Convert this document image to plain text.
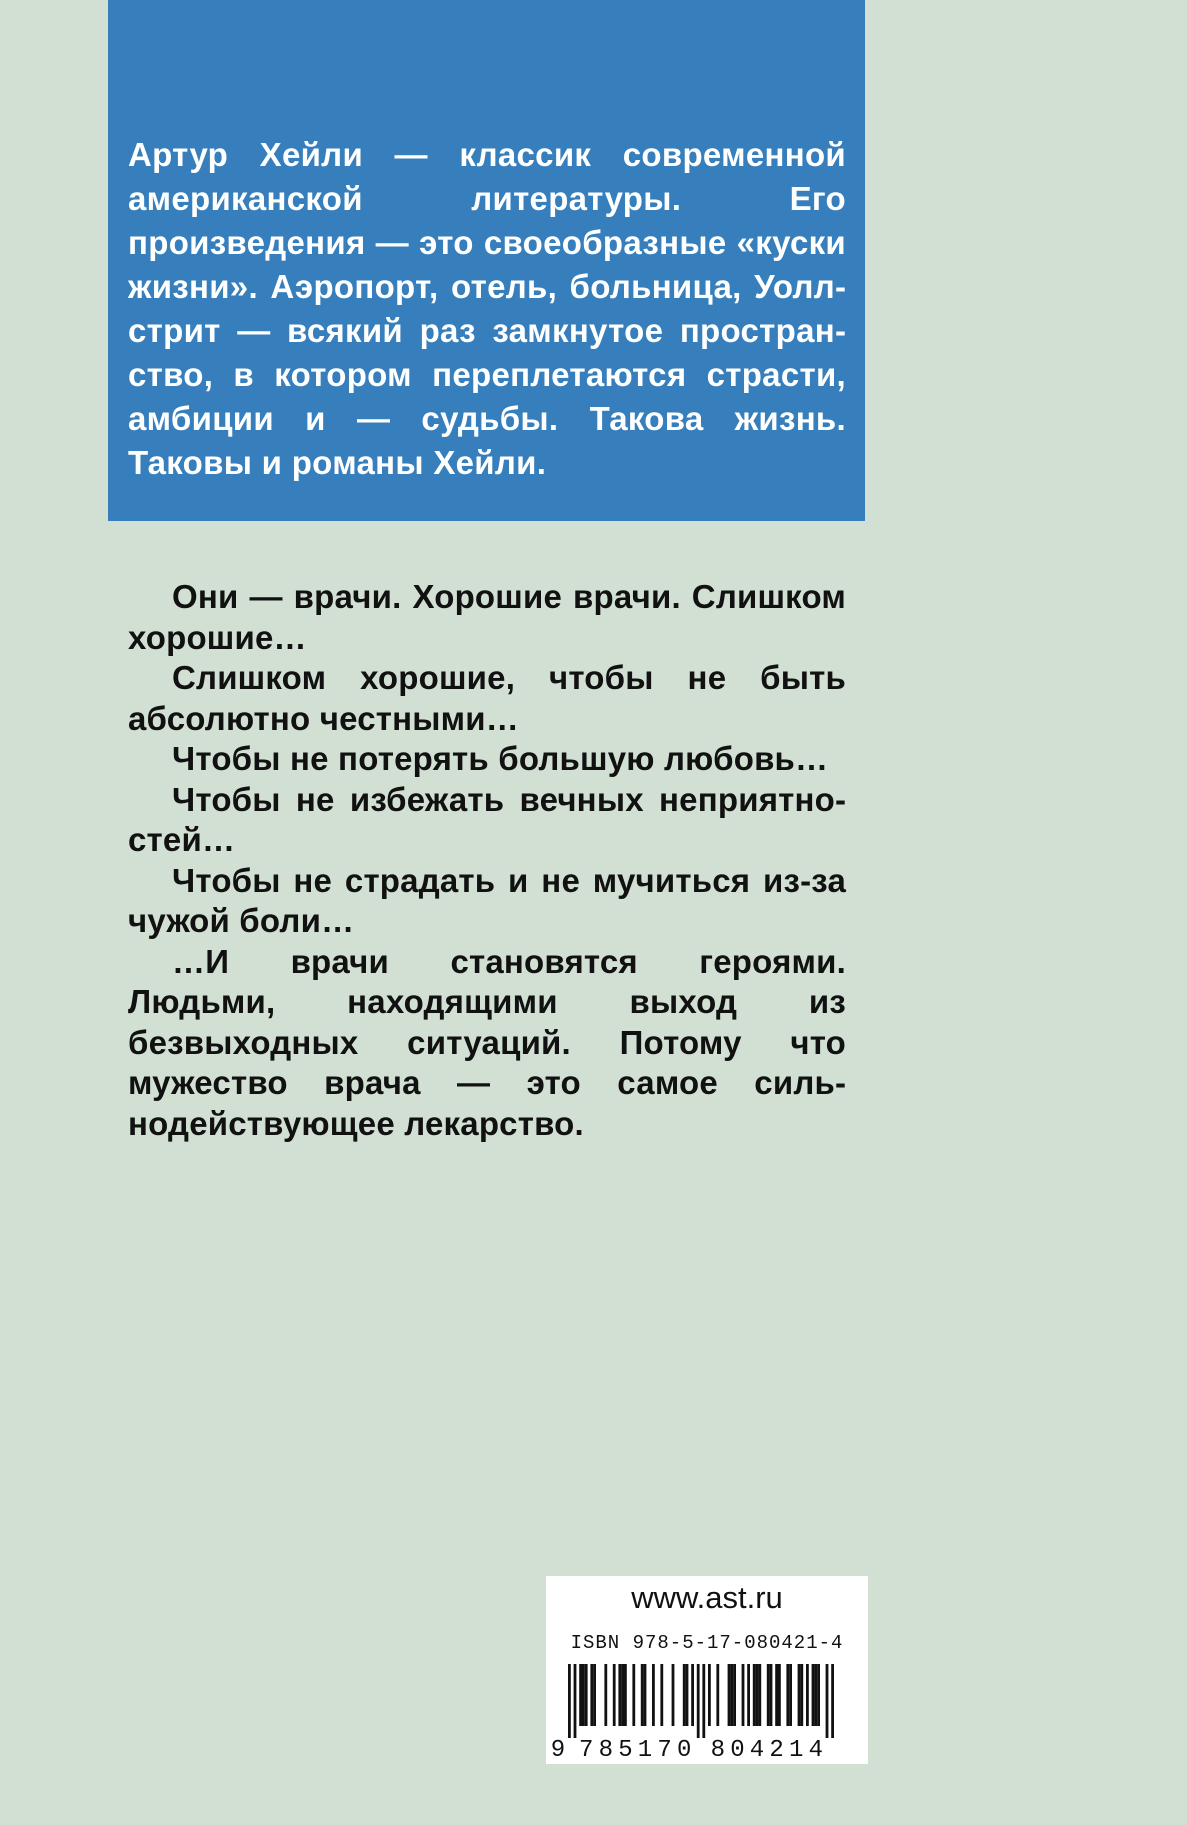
Артур Хейли — классик современной американской литературы. Его произведения — это своеобразные «куски жизни». Аэропорт, отель, больница, Уоллстрит — всякий раз замкнутое пространство, в котором переплетаются страсти, амбиции и — судьбы. Такова жизнь. Таковы и романы Хейли.

Они — врачи. Хорошие врачи. Слишком хорошие…

Слишком хорошие, чтобы не быть абсолютно честными…

Чтобы не потерять большую любовь…

Чтобы не избежать вечных неприятностей…

Чтобы не страдать и не мучиться из-за чужой боли…

…И врачи становятся героями. Людьми, находящими выход из безвыходных ситуаций. Потому что мужество врача — это самое сильнодействующее лекарство.

www.ast.ru
ISBN 978-5-17-080421-4
9 7 8 5 1 7 0 8 0 4 2 1 4
